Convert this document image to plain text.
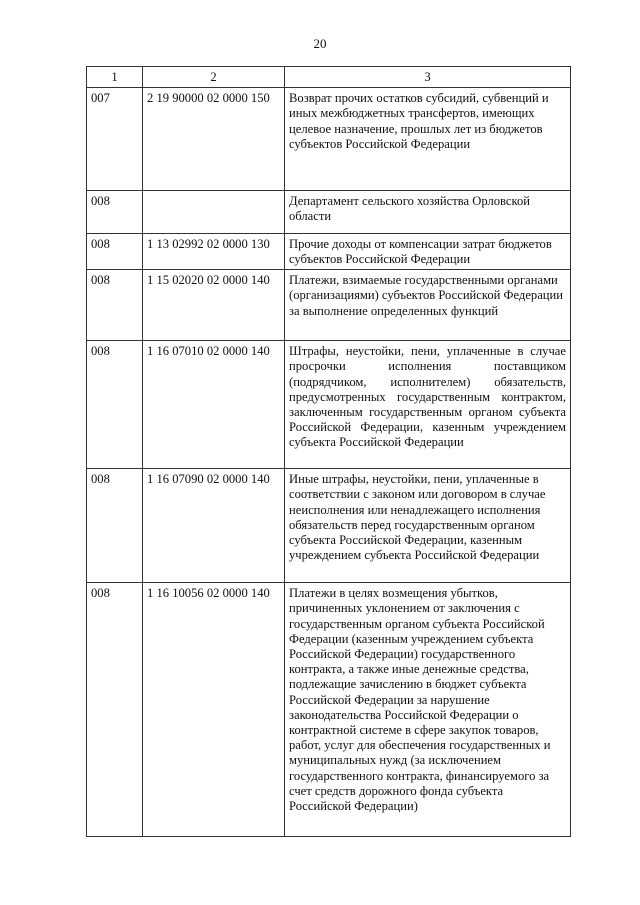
20
1	2	3
007	2 19 90000 02 0000 150	Возврат прочих остатков субсидий, субвенций и иных межбюджетных трансфертов, имеющих целевое назначение, прошлых лет из бюджетов субъектов Российской Федерации
008		Департамент сельского хозяйства Орловской области
008	1 13 02992 02 0000 130	Прочие доходы от компенсации затрат бюджетов субъектов Российской Федерации
008	1 15 02020 02 0000 140	Платежи, взимаемые государственными органами (организациями) субъектов Российской Федерации за выполнение определенных функций
008	1 16 07010 02 0000 140	Штрафы, неустойки, пени, уплаченные в случае просрочки исполнения поставщиком (подрядчиком, исполнителем) обязательств, предусмотренных государственным контрактом, заключенным государственным органом субъекта Российской Федерации, казенным учреждением субъекта Российской Федерации
008	1 16 07090 02 0000 140	Иные штрафы, неустойки, пени, уплаченные в соответствии с законом или договором в случае неисполнения или ненадлежащего исполнения обязательств перед государственным органом субъекта Российской Федерации, казенным учреждением субъекта Российской Федерации
008	1 16 10056 02 0000 140	Платежи в целях возмещения убытков, причиненных уклонением от заключения с государственным органом субъекта Российской Федерации (казенным учреждением субъекта Российской Федерации) государственного контракта, а также иные денежные средства, подлежащие зачислению в бюджет субъекта Российской Федерации за нарушение законодательства Российской Федерации о контрактной системе в сфере закупок товаров, работ, услуг для обеспечения государственных и муниципальных нужд (за исключением государственного контракта, финансируемого за счет средств дорожного фонда субъекта Российской Федерации)
